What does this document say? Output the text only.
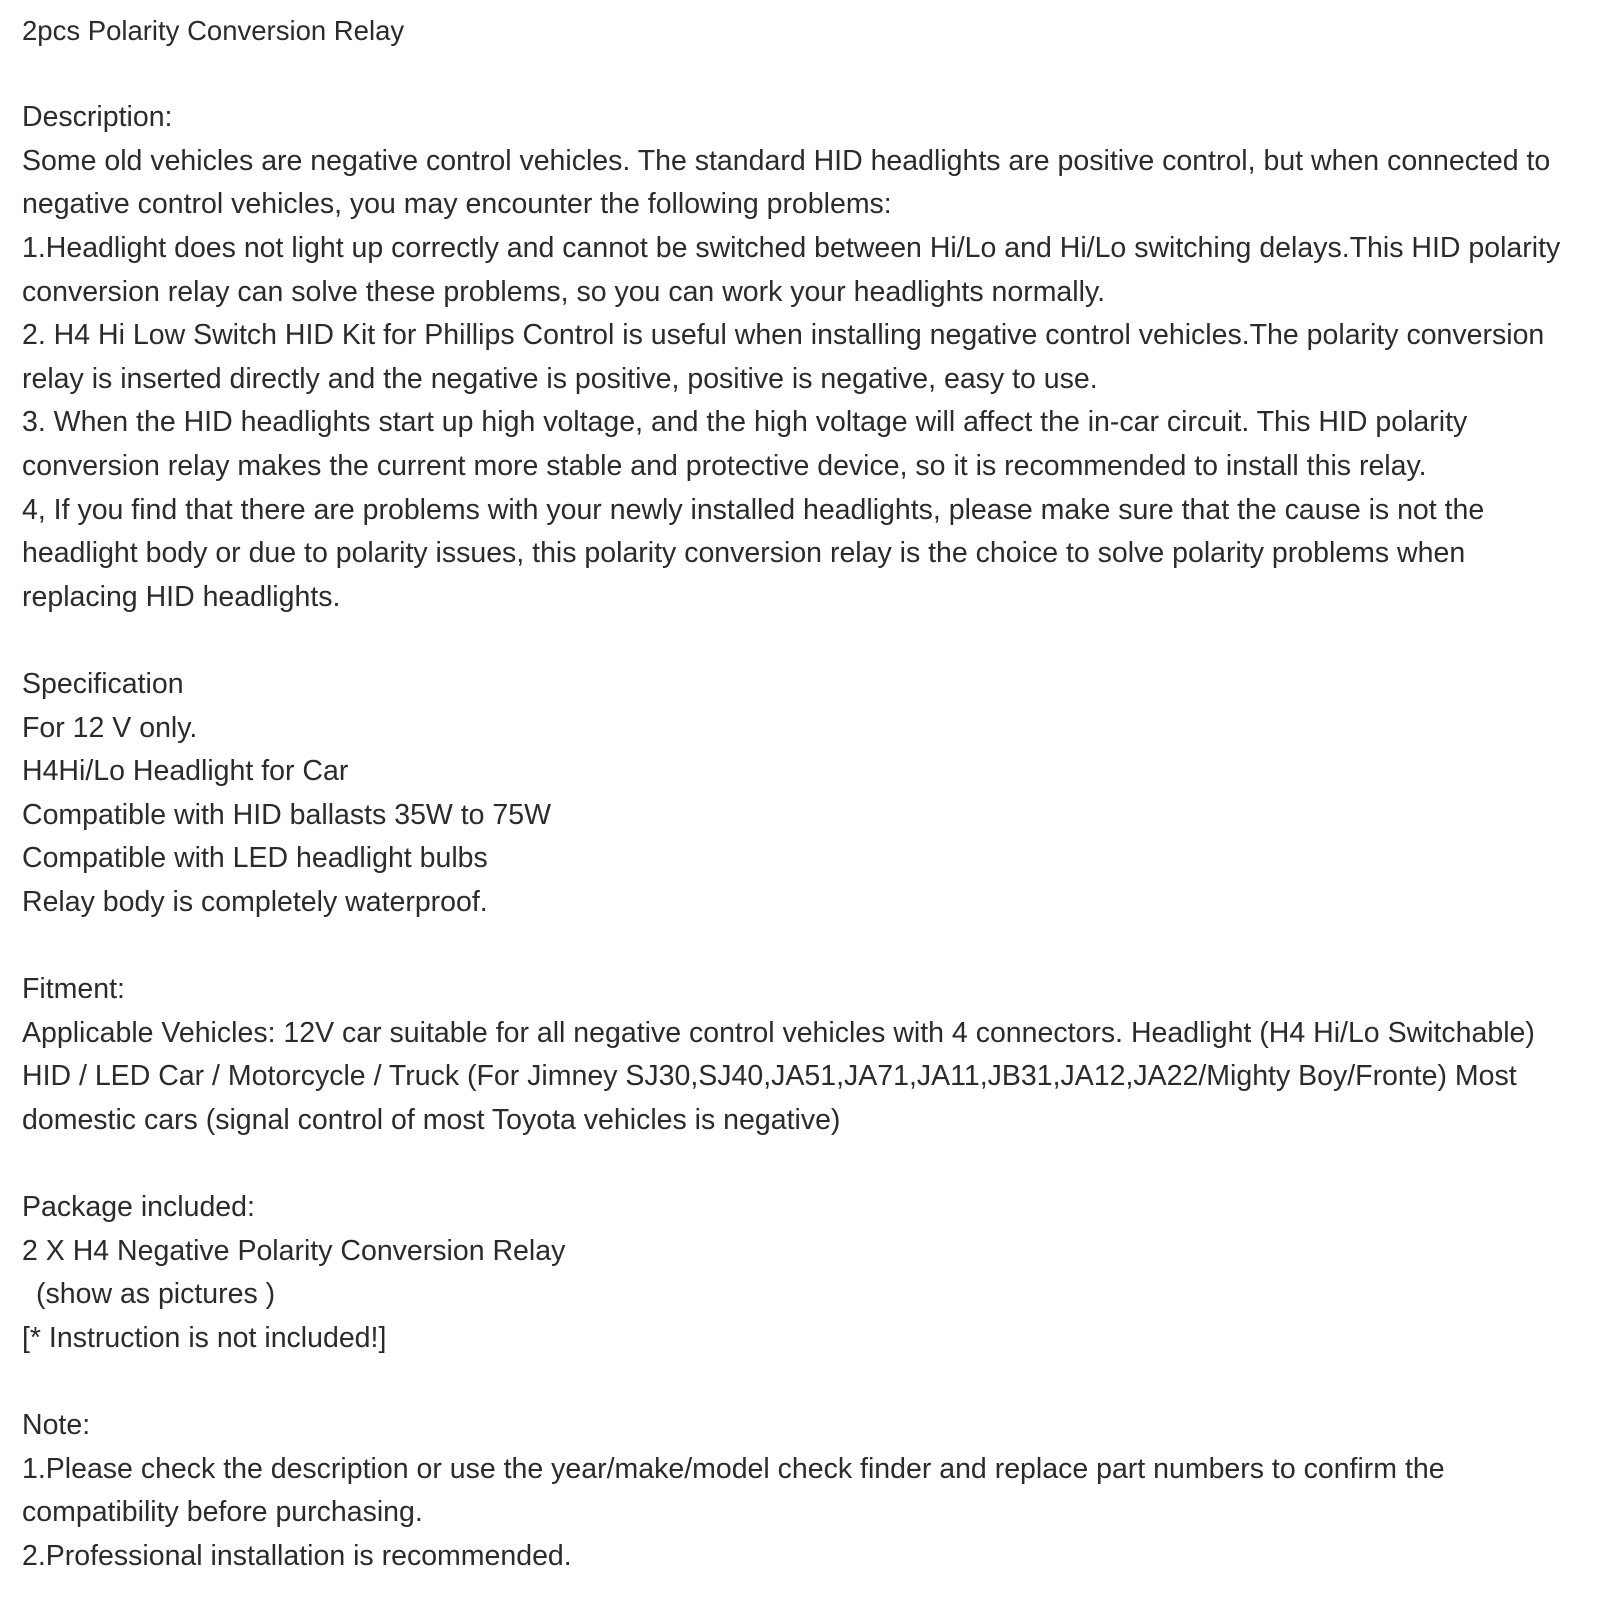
2pcs Polarity Conversion Relay

Description:

Some old vehicles are negative control vehicles. The standard HID headlights are positive control, but when connected to negative control vehicles, you may encounter the following problems:

1.Headlight does not light up correctly and cannot be switched between Hi/Lo and Hi/Lo switching delays.This HID polarity conversion relay can solve these problems, so you can work your headlights normally.

2. H4 Hi Low Switch HID Kit for Phillips Control is useful when installing negative control vehicles.The polarity conversion relay is inserted directly and the negative is positive, positive is negative, easy to use.

3. When the HID headlights start up high voltage, and the high voltage will affect the in-car circuit. This HID polarity conversion relay makes the current more stable and protective device, so it is recommended to install this relay.

4, If you find that there are problems with your newly installed headlights, please make sure that the cause is not the headlight body or due to polarity issues, this polarity conversion relay is the choice to solve polarity problems when replacing HID headlights.

Specification

For 12 V only.

H4Hi/Lo Headlight for Car

Compatible with HID ballasts 35W to 75W

Compatible with LED headlight bulbs

Relay body is completely waterproof.

Fitment:

Applicable Vehicles: 12V car suitable for all negative control vehicles with 4 connectors. Headlight (H4 Hi/Lo Switchable) HID / LED Car / Motorcycle / Truck (For Jimney SJ30,SJ40,JA51,JA71,JA11,JB31,JA12,JA22/Mighty Boy/Fronte) Most domestic cars (signal control of most Toyota vehicles is negative)

Package included:

2 X H4 Negative Polarity Conversion Relay

(show as pictures )

[* Instruction is not included!]

Note:

1.Please check the description or use the year/make/model check finder and replace part numbers to confirm the compatibility before purchasing.

2.Professional installation is recommended.
